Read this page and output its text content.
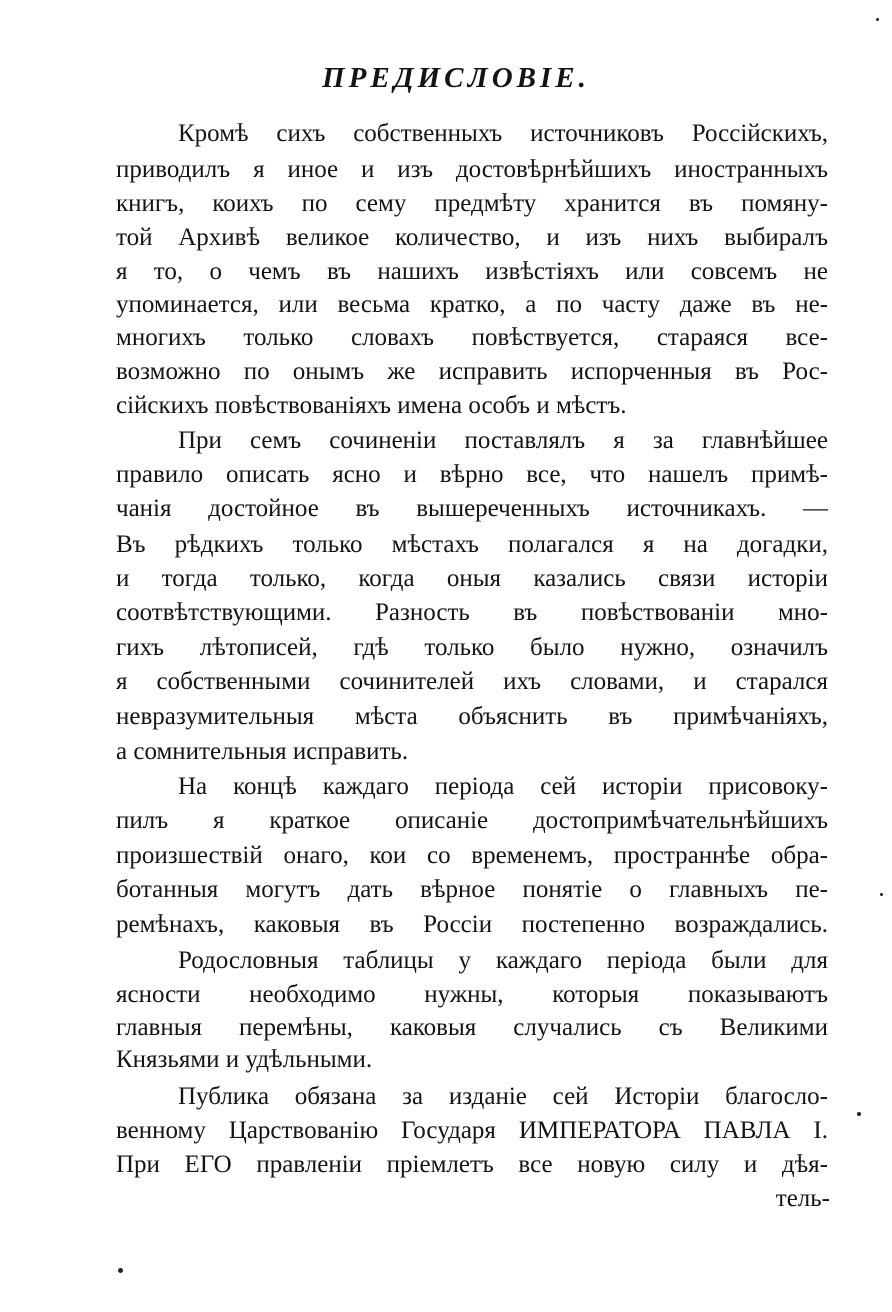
ПРЕДИСЛОВІЕ.
Кромѣ сихъ собственныхъ источниковъ Россійскихъ,
приводилъ я иное и изъ достовѣрнѣйшихъ иностранныхъ
книгъ, коихъ по сему предмѣту хранится въ помяну-
той Архивѣ великое количество, и изъ нихъ выбиралъ
я то, о чемъ въ нашихъ извѣстіяхъ или совсемъ не
упоминается, или весьма кратко, а по частy даже въ не-
многихъ только словахъ повѣствуется, стараяся все-
возможно по онымъ же исправить испорченныя въ Рос-
сійскихъ повѣствованіяхъ имена особъ и мѣстъ.
При семъ сочиненіи поставлялъ я за главнѣйшее
правило описать ясно и вѣрно все, что нашелъ примѣ-
чанія достойное въ вышереченныхъ источникахъ. —
Въ рѣдкихъ только мѣстахъ полагался я на догадки,
и тогда только, когда оныя казались связи исторіи
соотвѣтствующими. Разность въ повѣствованіи мно-
гихъ лѣтописей, гдѣ только было нужно, означилъ
я собственными сочинителей ихъ словами, и старался
невразумительныя мѣста объяснить въ примѣчаніяхъ,
а сомнительныя исправить.
На концѣ каждаго періода сей исторіи присовоку-
пилъ я краткое описаніе достопримѣчательнѣйшихъ
произшествій онаго, кои со временемъ, пространнѣе обра-
ботанныя могутъ дать вѣрное понятіе о главныхъ пе-
ремѣнахъ, каковыя въ Россіи постепенно возраждались.
Родословныя таблицы у каждаго періода были для
ясности необходимо нужны, которыя показываютъ
главныя перемѣны, каковыя случались съ Великими
Князьями и удѣльными.
Публика обязана за изданіе сей Исторіи благосло-
венному Царствованію Государя ИМПЕРАТОРА ПАВЛА I.
При ЕГО правленіи пріемлетъ все новую силу и дѣя-
тель-
